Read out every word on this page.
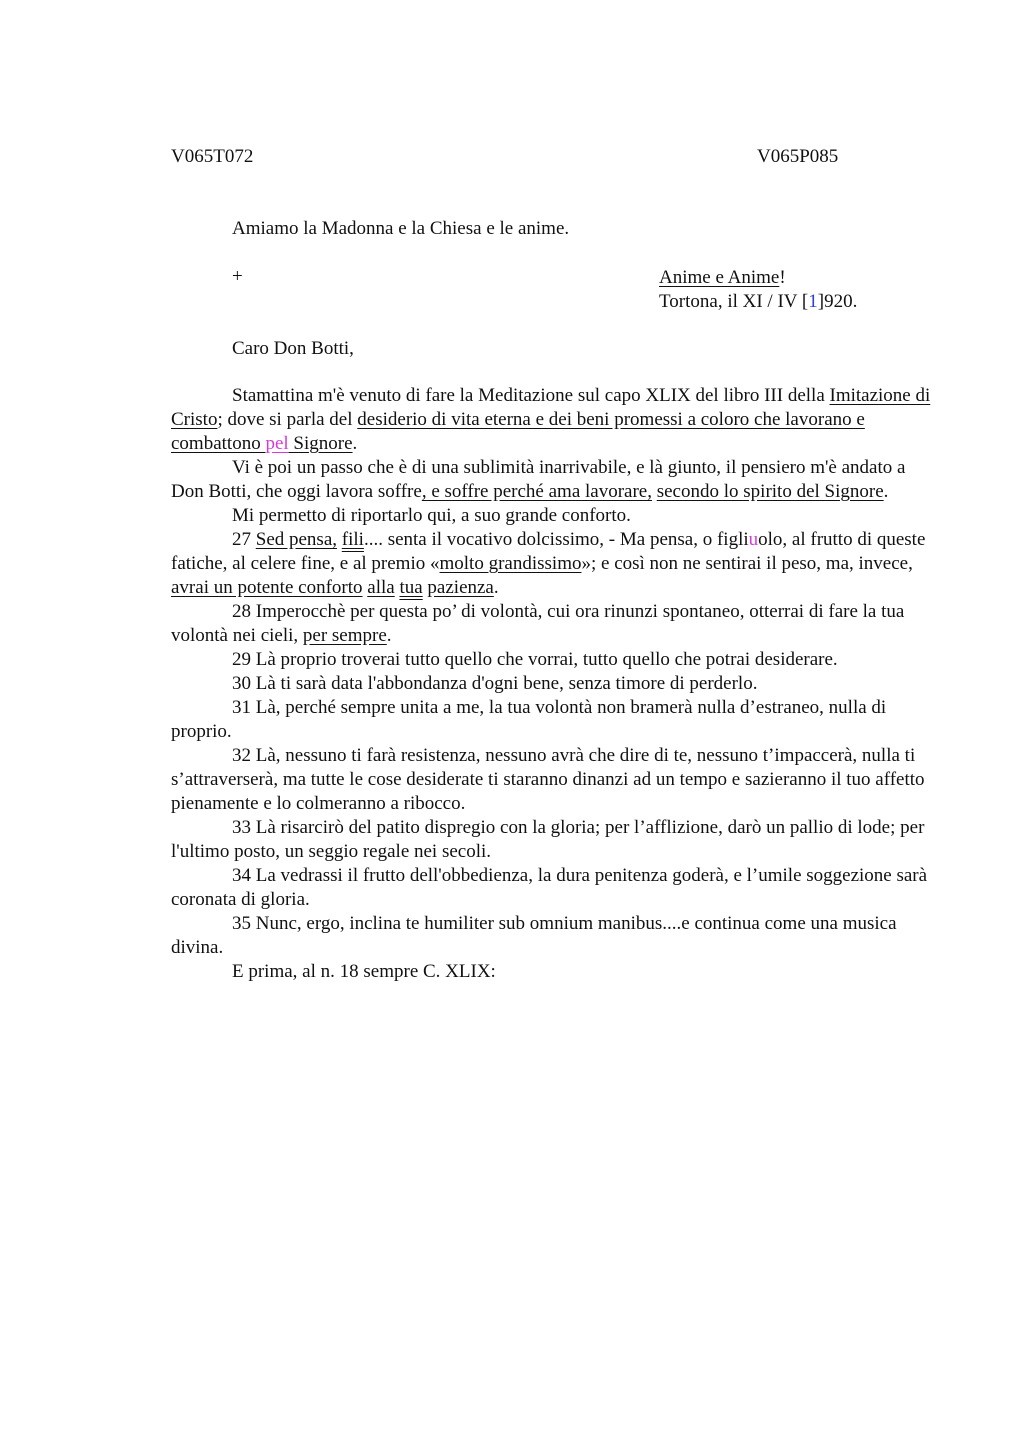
V065T072	V065P085
Amiamo la Madonna e la Chiesa e le anime.
+	Anime e Anime!
Tortona, il XI / IV [1]920.
Caro Don Botti,

Stamattina m'è venuto di fare la Meditazione sul capo XLIX del libro III della Imitazione di Cristo; dove si parla del desiderio di vita eterna e dei beni promessi a coloro che lavorano e combattono pel Signore.

Vi è poi un passo che è di una sublimità inarrivabile, e là giunto, il pensiero m'è andato a Don Botti, che oggi lavora soffre, e soffre perché ama lavorare, secondo lo spirito del Signore.

Mi permetto di riportarlo qui, a suo grande conforto.

27 Sed pensa, fili.... senta il vocativo dolcissimo, - Ma pensa, o figliuolo, al frutto di queste fatiche, al celere fine, e al premio «molto grandissimo»; e così non ne sentirai il peso, ma, invece, avrai un potente conforto alla tua pazienza.

28 Imperocchè per questa po’ di volontà, cui ora rinunzi spontaneo, otterrai di fare la tua volontà nei cieli, per sempre.

29 Là proprio troverai tutto quello che vorrai, tutto quello che potrai desiderare.

30 Là ti sarà data l'abbondanza d'ogni bene, senza timore di perderlo.

31 Là, perché sempre unita a me, la tua volontà non bramerà nulla d’estraneo, nulla di proprio.

32 Là, nessuno ti farà resistenza, nessuno avrà che dire di te, nessuno t’impaccerà, nulla ti s’attraverserà, ma tutte le cose desiderate ti staranno dinanzi ad un tempo e sazieranno il tuo affetto pienamente e lo colmeranno a ribocco.

33 Là risarcirò del patito dispregio con la gloria; per l’afflizione, darò un pallio di lode; per l'ultimo posto, un seggio regale nei secoli.

34 La vedrassi il frutto dell'obbedienza, la dura penitenza goderà, e l’umile soggezione sarà coronata di gloria.

35 Nunc, ergo, inclina te humiliter sub omnium manibus....e continua come una musica divina.

E prima, al n. 18 sempre C. XLIX:
